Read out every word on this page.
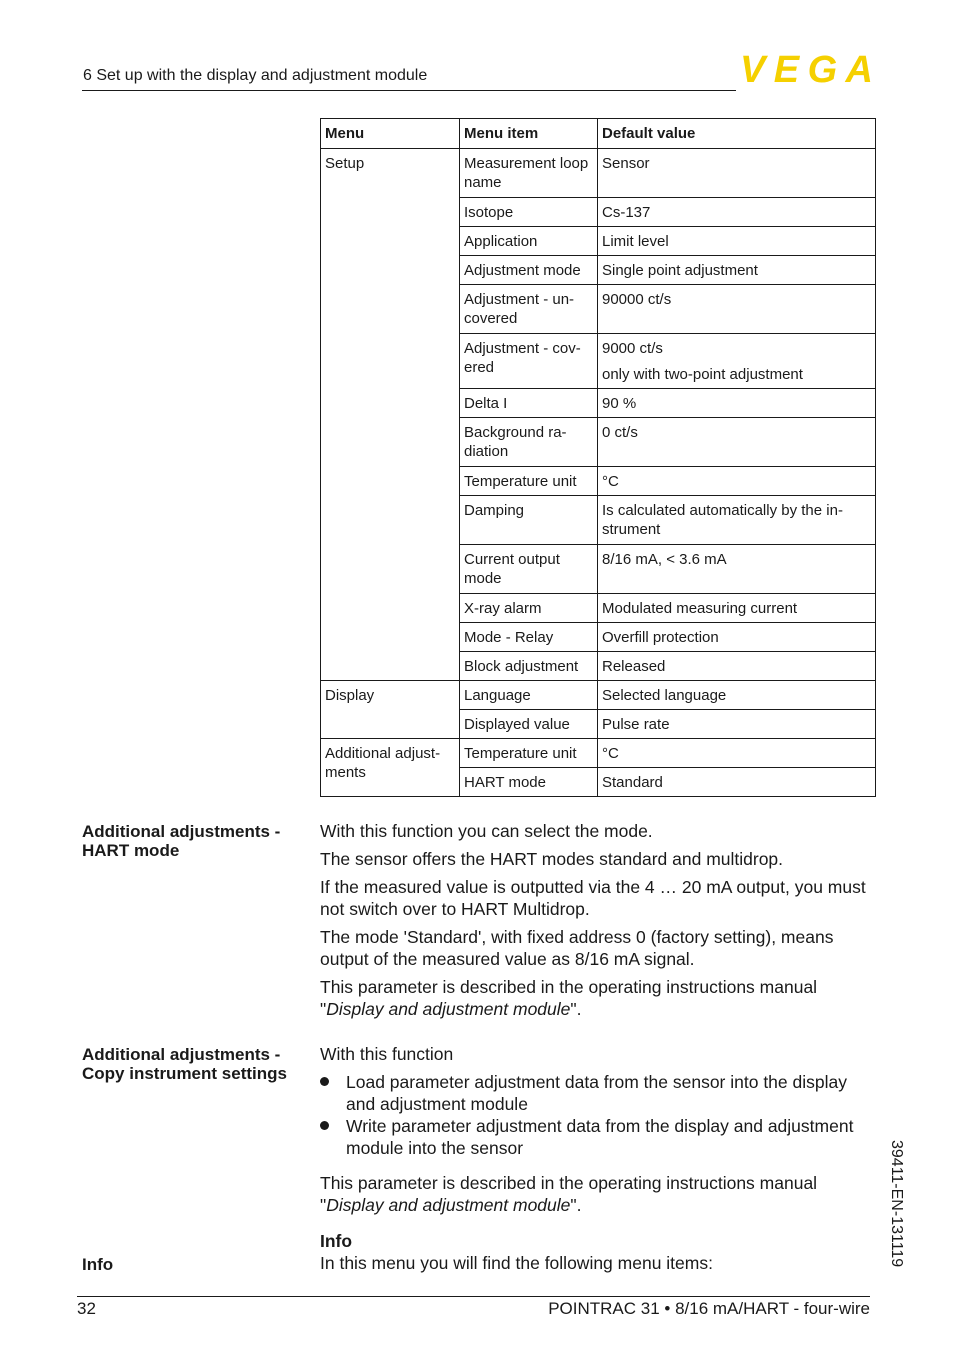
6 Set up with the display and adjustment module	VEGA
Menu	Menu item	Default value
Setup	Measurement loop name	Sensor
	Isotope	Cs-137
	Application	Limit level
	Adjustment mode	Single point adjustment
	Adjustment - un-covered	90000 ct/s
	Adjustment - cov-ered	9000 ct/s
only with two-point adjustment

	Delta I	90 %
	Background ra-diation	0 ct/s
	Temperature unit	°C
	Damping	Is calculated automatically by the in-strument
	Current output mode	8/16 mA, < 3.6 mA
	X-ray alarm	Modulated measuring current
	Mode - Relay	Overfill protection
	Block adjustment	Released
Display	Language	Selected language
	Displayed value	Pulse rate
Additional adjust-ments	Temperature unit	°C
	HART mode	Standard
Additional adjustments -
HART mode

With this function you can select the mode.

The sensor offers the HART modes standard and multidrop.

If the measured value is outputted via the 4 … 20 mA output, you must not switch over to HART Multidrop.

The mode 'Standard', with fixed address 0 (factory setting), means output of the measured value as 8/16 mA signal.

This parameter is described in the operating instructions manual "Display and adjustment module".

Additional adjustments -
Copy instrument settings

With this function

Load parameter adjustment data from the sensor into the display and adjustment module
Write parameter adjustment data from the display and adjustment module into the sensor

This parameter is described in the operating instructions manual "Display and adjustment module".

Info
Info	In this menu you will find the following menu items:	39411-EN-131119
32	POINTRAC 31 • 8/16 mA/HART - four-wire
